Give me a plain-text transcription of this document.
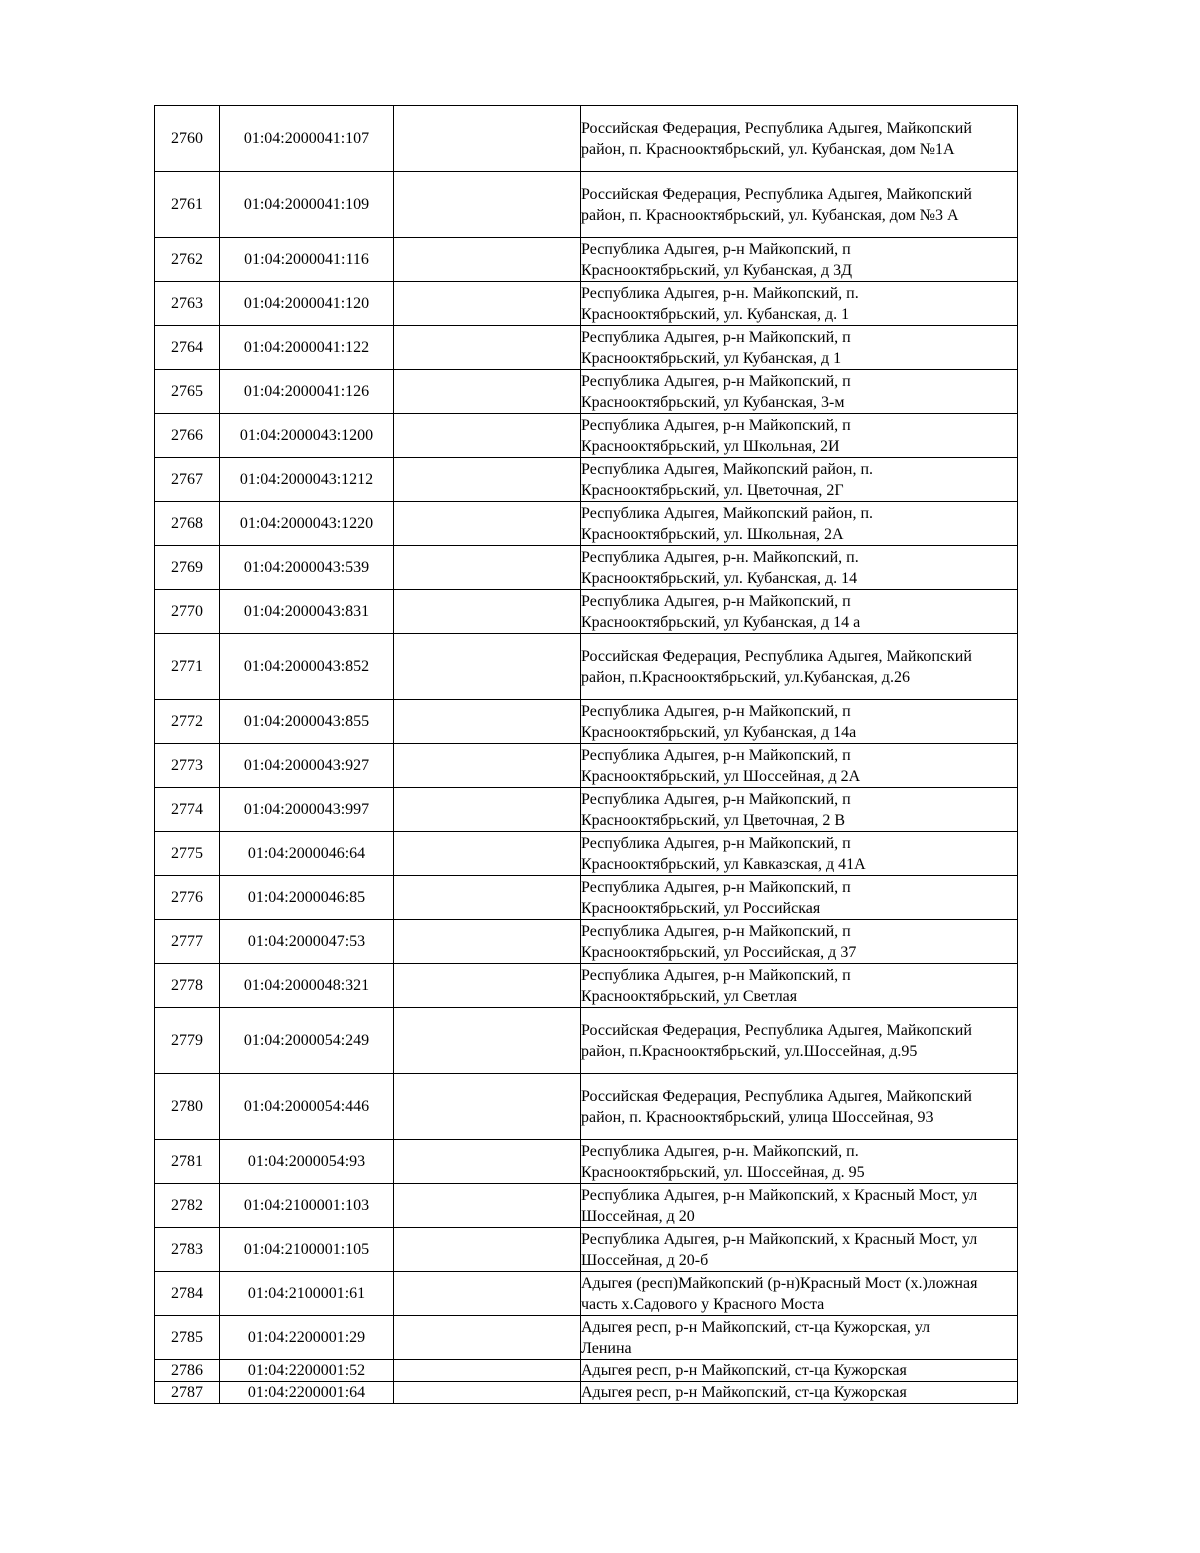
2760	01:04:2000041:107		Российская Федерация, Республика Адыгея, Майкопский
район, п. Краснооктябрьский, ул. Кубанская, дом №1А
2761	01:04:2000041:109		Российская Федерация, Республика Адыгея, Майкопский
район, п. Краснооктябрьский, ул. Кубанская, дом №3 А
2762	01:04:2000041:116		Республика Адыгея, р-н Майкопский, п
Краснооктябрьский, ул Кубанская, д 3Д
2763	01:04:2000041:120		Республика Адыгея, р-н. Майкопский, п.
Краснооктябрьский, ул. Кубанская, д. 1
2764	01:04:2000041:122		Республика Адыгея, р-н Майкопский, п
Краснооктябрьский, ул Кубанская, д 1
2765	01:04:2000041:126		Республика Адыгея, р-н Майкопский, п
Краснооктябрьский, ул Кубанская, 3-м
2766	01:04:2000043:1200		Республика Адыгея, р-н Майкопский, п
Краснооктябрьский, ул Школьная, 2И
2767	01:04:2000043:1212		Республика Адыгея, Майкопский район, п.
Краснооктябрьский, ул. Цветочная, 2Г
2768	01:04:2000043:1220		Республика Адыгея, Майкопский район, п.
Краснооктябрьский, ул. Школьная, 2А
2769	01:04:2000043:539		Республика Адыгея, р-н. Майкопский, п.
Краснооктябрьский, ул. Кубанская, д. 14
2770	01:04:2000043:831		Республика Адыгея, р-н Майкопский, п
Краснооктябрьский, ул Кубанская, д 14 а
2771	01:04:2000043:852		Российская Федерация, Республика Адыгея, Майкопский
район, п.Краснооктябрьский, ул.Кубанская, д.26
2772	01:04:2000043:855		Республика Адыгея, р-н Майкопский, п
Краснооктябрьский, ул Кубанская, д 14а
2773	01:04:2000043:927		Республика Адыгея, р-н Майкопский, п
Краснооктябрьский, ул Шоссейная, д 2А
2774	01:04:2000043:997		Республика Адыгея, р-н Майкопский, п
Краснооктябрьский, ул Цветочная, 2 В
2775	01:04:2000046:64		Республика Адыгея, р-н Майкопский, п
Краснооктябрьский, ул Кавказская, д 41А
2776	01:04:2000046:85		Республика Адыгея, р-н Майкопский, п
Краснооктябрьский, ул Российская
2777	01:04:2000047:53		Республика Адыгея, р-н Майкопский, п
Краснооктябрьский, ул Российская, д 37
2778	01:04:2000048:321		Республика Адыгея, р-н Майкопский, п
Краснооктябрьский, ул Светлая
2779	01:04:2000054:249		Российская Федерация, Республика Адыгея, Майкопский
район, п.Краснооктябрьский, ул.Шоссейная, д.95
2780	01:04:2000054:446		Российская Федерация, Республика Адыгея, Майкопский
район, п. Краснооктябрьский, улица Шоссейная, 93
2781	01:04:2000054:93		Республика Адыгея, р-н. Майкопский, п.
Краснооктябрьский, ул. Шоссейная, д. 95
2782	01:04:2100001:103		Республика Адыгея, р-н Майкопский, х Красный Мост, ул
Шоссейная, д 20
2783	01:04:2100001:105		Республика Адыгея, р-н Майкопский, х Красный Мост, ул
Шоссейная, д 20-б
2784	01:04:2100001:61		Адыгея (респ)Майкопский (р-н)Красный Мост (х.)ложная
часть х.Садового у Красного Моста
2785	01:04:2200001:29		Адыгея респ, р-н Майкопский, ст-ца Кужорская, ул
Ленина
2786	01:04:2200001:52		Адыгея респ, р-н Майкопский, ст-ца Кужорская
2787	01:04:2200001:64		Адыгея респ, р-н Майкопский, ст-ца Кужорская
